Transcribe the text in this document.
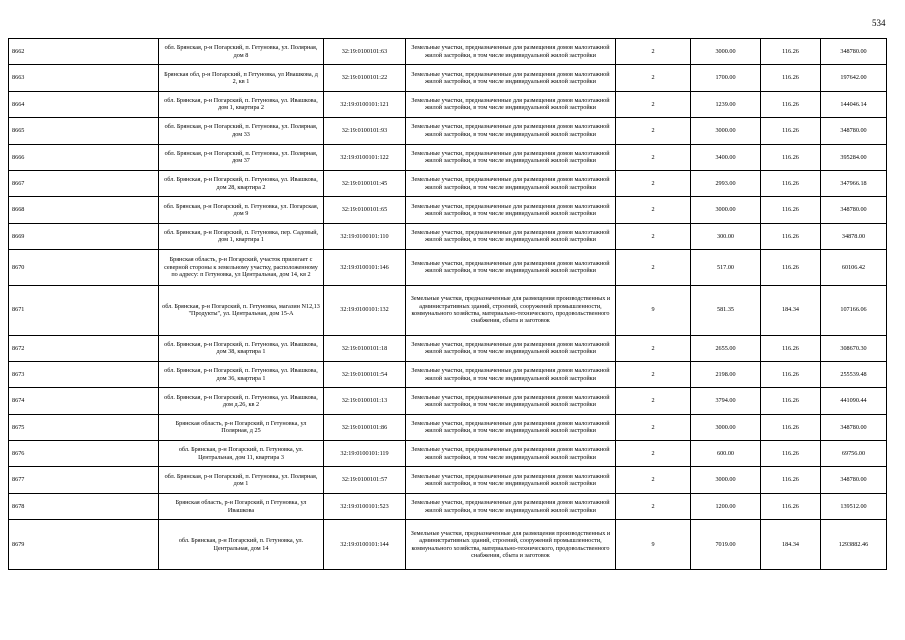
534
8662	обл. Брянская, р-н Погарский, п. Гетуновка, ул. Полярная, дом 8	32:19:0100101:63	Земельные участки, предназначенные для размещения домов малоэтажной жилой застройки, в том числе индивидуальной жилой застройки	2	3000.00	116.26	348780.00
8663	Брянская обл, р-н Погарский, п Гетуновка, ул Ивашкова, д 2, кв 1	32:19:0100101:22	Земельные участки, предназначенные для размещения домов малоэтажной жилой застройки, в том числе индивидуальной жилой застройки	2	1700.00	116.26	197642.00
8664	обл. Брянская, р-н Погарский, п. Гетуновка, ул. Ивашкова, дом 1, квартира 2	32:19:0100101:121	Земельные участки, предназначенные для размещения домов малоэтажной жилой застройки, в том числе индивидуальной жилой застройки	2	1239.00	116.26	144046.14
8665	обл. Брянская, р-н Погарский, п. Гетуновка, ул. Полярная, дом 33	32:19:0100101:93	Земельные участки, предназначенные для размещения домов малоэтажной жилой застройки, в том числе индивидуальной жилой застройки	2	3000.00	116.26	348780.00
8666	обл. Брянская, р-н Погарский, п. Гетуновка, ул. Полярная, дом 37	32:19:0100101:122	Земельные участки, предназначенные для размещения домов малоэтажной жилой застройки, в том числе индивидуальной жилой застройки	2	3400.00	116.26	395284.00
8667	обл. Брянская, р-н Погарский, п. Гетуновка, ул. Ивашкова, дом 28, квартира 2	32:19:0100101:45	Земельные участки, предназначенные для размещения домов малоэтажной жилой застройки, в том числе индивидуальной жилой застройки	2	2993.00	116.26	347966.18
8668	обл. Брянская, р-н Погарский, п. Гетуновка, ул. Погарская, дом 9	32:19:0100101:65	Земельные участки, предназначенные для размещения домов малоэтажной жилой застройки, в том числе индивидуальной жилой застройки	2	3000.00	116.26	348780.00
8669	обл. Брянская, р-н Погарский, п. Гетуновка, пер. Садовый, дом 1, квартира 1	32:19:0100101:110	Земельные участки, предназначенные для размещения домов малоэтажной жилой застройки, в том числе индивидуальной жилой застройки	2	300.00	116.26	34878.00
8670	Брянская область, р-н Погарский, участок прилегает с северной стороны к земельному участку, расположенному по адресу: п Гетуновка, ул Центральная, дом 14, кв 2	32:19:0100101:146	Земельные участки, предназначенные для размещения домов малоэтажной жилой застройки, в том числе индивидуальной жилой застройки	2	517.00	116.26	60106.42
8671	обл. Брянская, р-н Погарский, п. Гетуновка, магазин N12,13 "Продукты", ул. Центральная, дом 15-А	32:19:0100101:132	Земельные участки, предназначенные для размещения производственных и административных зданий, строений, сооружений промышленности, коммунального хозяйства, материально-технического, продовольственного снабжения, сбыта и заготовок	9	581.35	184.34	107166.06
8672	обл. Брянская, р-н Погарский, п. Гетуновка, ул. Ивашкова, дом 38, квартира 1	32:19:0100101:18	Земельные участки, предназначенные для размещения домов малоэтажной жилой застройки, в том числе индивидуальной жилой застройки	2	2655.00	116.26	308670.30
8673	обл. Брянская, р-н Погарский, п. Гетуновка, ул. Ивашкова, дом 36, квартира 1	32:19:0100101:54	Земельные участки, предназначенные для размещения домов малоэтажной жилой застройки, в том числе индивидуальной жилой застройки	2	2198.00	116.26	255539.48
8674	обл. Брянская, р-н Погарский, п. Гетуновка, ул. Ивашкова, дом д.26, кв 2	32:19:0100101:13	Земельные участки, предназначенные для размещения домов малоэтажной жилой застройки, в том числе индивидуальной жилой застройки	2	3794.00	116.26	441090.44
8675	Брянская область, р-н Погарский, п Гетуновка, ул Полярная, д 25	32:19:0100101:86	Земельные участки, предназначенные для размещения домов малоэтажной жилой застройки, в том числе индивидуальной жилой застройки	2	3000.00	116.26	348780.00
8676	обл. Брянская, р-н Погарский, п. Гетуновка, ул. Центральная, дом 11, квартира 3	32:19:0100101:119	Земельные участки, предназначенные для размещения домов малоэтажной жилой застройки, в том числе индивидуальной жилой застройки	2	600.00	116.26	69756.00
8677	обл. Брянская, р-н Погарский, п. Гетуновка, ул. Полярная, дом 1	32:19:0100101:57	Земельные участки, предназначенные для размещения домов малоэтажной жилой застройки, в том числе индивидуальной жилой застройки	2	3000.00	116.26	348780.00
8678	Брянская область, р-н Погарский, п Гетуновка, ул Ивашкова	32:19:0100101:523	Земельные участки, предназначенные для размещения домов малоэтажной жилой застройки, в том числе индивидуальной жилой застройки	2	1200.00	116.26	139512.00
8679	обл. Брянская, р-н Погарский, п. Гетуновка, ул. Центральная, дом 14	32:19:0100101:144	Земельные участки, предназначенные для размещения производственных и административных зданий, строений, сооружений промышленности, коммунального хозяйства, материально-технического, продовольственного снабжения, сбыта и заготовок	9	7019.00	184.34	1293882.46
